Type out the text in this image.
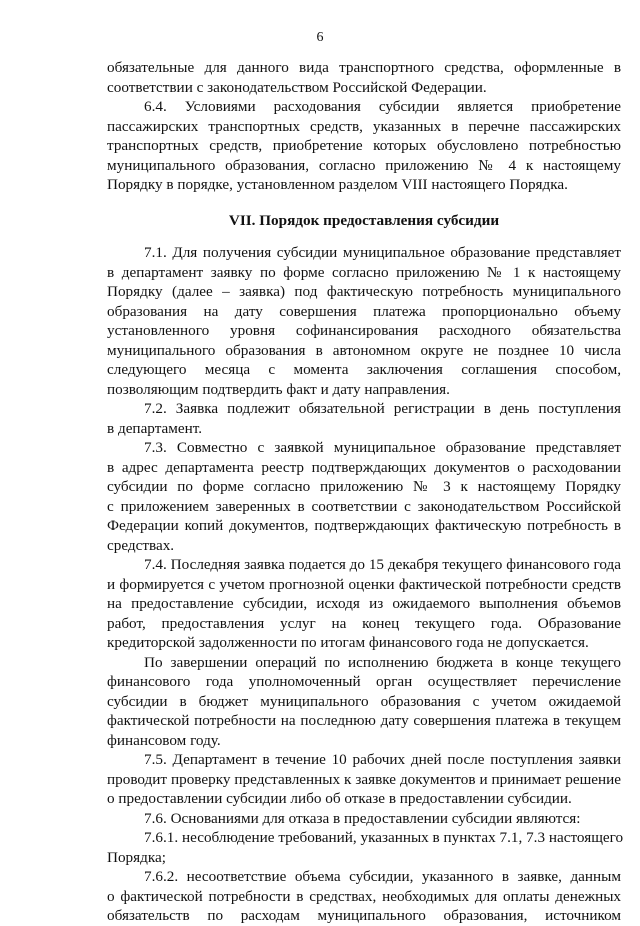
6
обязательные для данного вида транспортного средства, оформленные в
соответствии с законодательством Российской Федерации.
6.4. Условиями расходования субсидии является приобретение
пассажирских транспортных средств, указанных в перечне пассажирских
транспортных средств, приобретение которых обусловлено потребностью
муниципального образования, согласно приложению № 4 к настоящему
Порядку в порядке, установленном разделом VIII настоящего Порядка.
VII. Порядок предоставления субсидии
7.1. Для получения субсидии муниципальное образование представляет
в департамент заявку по форме согласно приложению № 1 к настоящему
Порядку (далее – заявка) под фактическую потребность муниципального
образования на дату совершения платежа пропорционально объему
установленного уровня софинансирования расходного обязательства
муниципального образования в автономном округе не позднее 10 числа
следующего месяца с момента заключения соглашения способом,
позволяющим подтвердить факт и дату направления.
7.2. Заявка подлежит обязательной регистрации в день поступления
в департамент.
7.3. Совместно с заявкой муниципальное образование представляет
в адрес департамента реестр подтверждающих документов о расходовании
субсидии по форме согласно приложению № 3 к настоящему Порядку
с приложением заверенных в соответствии с законодательством Российской
Федерации копий документов, подтверждающих фактическую потребность в
средствах.
7.4. Последняя заявка подается до 15 декабря текущего финансового года
и формируется с учетом прогнозной оценки фактической потребности средств
на предоставление субсидии, исходя из ожидаемого выполнения объемов
работ, предоставления услуг на конец текущего года. Образование
кредиторской задолженности по итогам финансового года не допускается.
По завершении операций по исполнению бюджета в конце текущего
финансового года уполномоченный орган осуществляет перечисление
субсидии в бюджет муниципального образования с учетом ожидаемой
фактической потребности на последнюю дату совершения платежа в текущем
финансовом году.
7.5. Департамент в течение 10 рабочих дней после поступления заявки
проводит проверку представленных к заявке документов и принимает решение
о предоставлении субсидии либо об отказе в предоставлении субсидии.
7.6. Основаниями для отказа в предоставлении субсидии являются:
7.6.1. несоблюдение требований, указанных в пунктах 7.1, 7.3 настоящего
Порядка;
7.6.2. несоответствие объема субсидии, указанного в заявке, данным
о фактической потребности в средствах, необходимых для оплаты денежных
обязательств по расходам муниципального образования, источником
